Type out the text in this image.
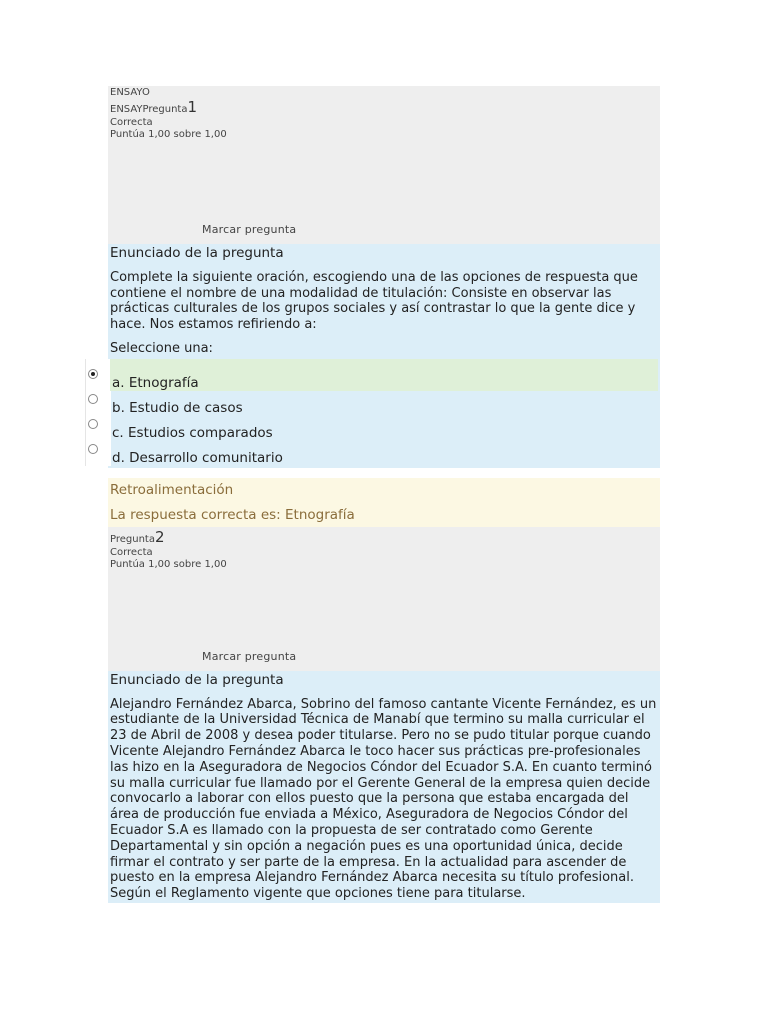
ENSAYO
ENSAYPregunta1
Correcta
Puntúa 1,00 sobre 1,00
Marcar pregunta
Enunciado de la pregunta
Complete la siguiente oración, escogiendo una de las opciones de respuesta que contiene el nombre de una modalidad de titulación: Consiste en observar las prácticas culturales de los grupos sociales y así contrastar lo que la gente dice y hace. Nos estamos refiriendo a:
Seleccione una:
a. Etnografía
b. Estudio de casos
c. Estudios comparados
d. Desarrollo comunitario
Retroalimentación
La respuesta correcta es: Etnografía
Pregunta2
Correcta
Puntúa 1,00 sobre 1,00
Marcar pregunta
Enunciado de la pregunta
Alejandro Fernández Abarca, Sobrino del famoso cantante Vicente Fernández, es un estudiante de la Universidad Técnica de Manabí que termino su malla curricular el 23 de Abril de 2008 y desea poder titularse. Pero no se pudo titular porque cuando Vicente Alejandro Fernández Abarca le toco hacer sus prácticas pre-profesionales las hizo en la Aseguradora de Negocios Cóndor del Ecuador S.A. En cuanto terminó su malla curricular fue llamado por el Gerente General de la empresa quien decide convocarlo a laborar con ellos puesto que la persona que estaba encargada del área de producción fue enviada a México, Aseguradora de Negocios Cóndor del Ecuador S.A es llamado con la propuesta de ser contratado como Gerente Departamental y sin opción a negación pues es una oportunidad única, decide firmar el contrato y ser parte de la empresa. En la actualidad para ascender de puesto en la empresa Alejandro Fernández Abarca necesita su título profesional. Según el Reglamento vigente que opciones tiene para titularse.
